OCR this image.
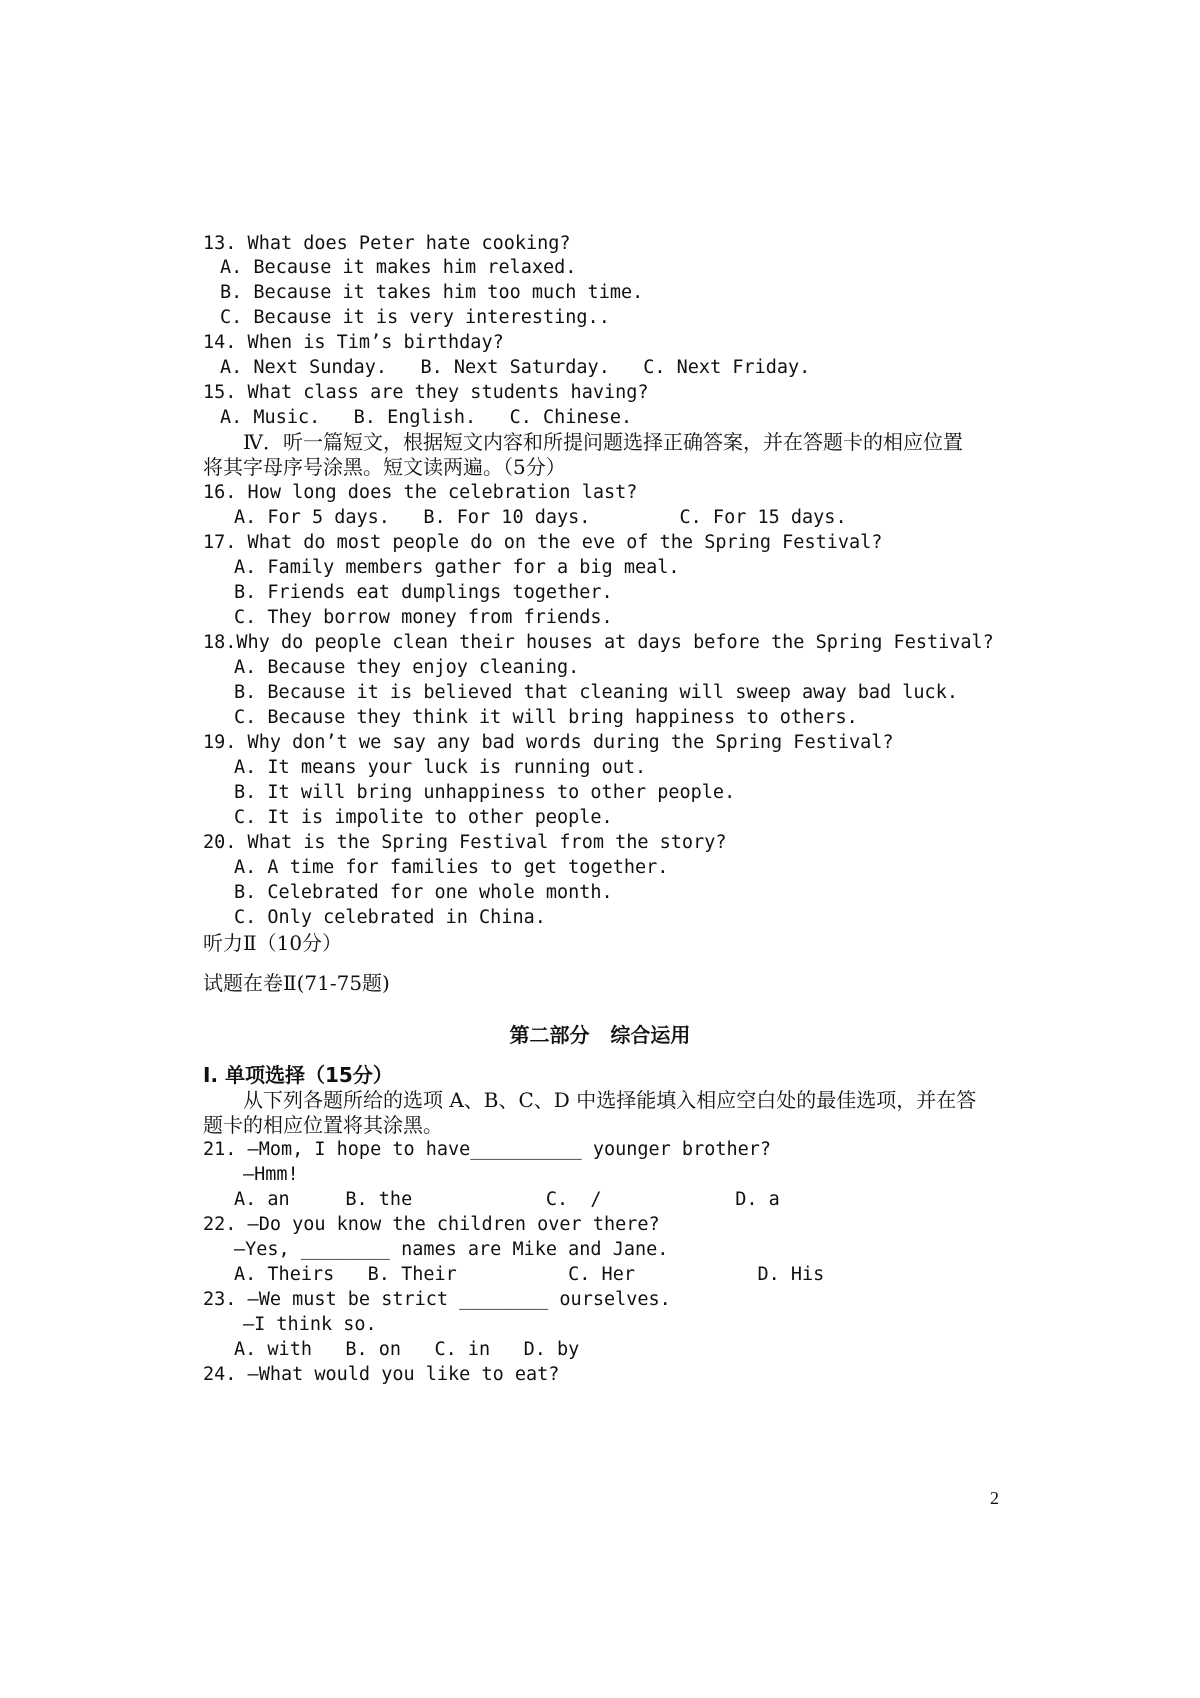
13. What does Peter hate cooking?
A. Because it makes him relaxed.
B. Because it takes him too much time.
C. Because it is very interesting..
14. When is Tim’s birthday?
A. Next Sunday.   B. Next Saturday.   C. Next Friday.
15. What class are they students having?
A. Music.   B. English.   C. Chinese.
Ⅳ．听一篇短文，根据短文内容和所提问题选择正确答案，并在答题卡的相应位置
将其字母序号涂黑。短文读两遍。（5分）
16. How long does the celebration last?
A. For 5 days.   B. For 10 days.        C. For 15 days.
17. What do most people do on the eve of the Spring Festival?
A. Family members gather for a big meal.
B. Friends eat dumplings together.
C. They borrow money from friends.
18.Why do people clean their houses at days before the Spring Festival?
A. Because they enjoy cleaning.
B. Because it is believed that cleaning will sweep away bad luck.
C. Because they think it will bring happiness to others.
19. Why don’t we say any bad words during the Spring Festival?
A. It means your luck is running out.
B. It will bring unhappiness to other people.
C. It is impolite to other people.
20. What is the Spring Festival from the story?
A. A time for families to get together.
B. Celebrated for one whole month.
C. Only celebrated in China.
听力Ⅱ（10分）
试题在卷Ⅱ(71-75题)
第二部分   综合运用
Ⅰ. 单项选择（15分）
从下列各题所给的选项 A、B、C、D 中选择能填入相应空白处的最佳选项，并在答
题卡的相应位置将其涂黑。
21. —Mom, I hope to have__________ younger brother?
—Hmm!
A. an     B. the            C.  /            D. a
22. —Do you know the children over there?
—Yes, ________ names are Mike and Jane.
A. Theirs   B. Their          C. Her           D. His
23. —We must be strict ________ ourselves.
—I think so.
A. with   B. on   C. in   D. by
24. —What would you like to eat?
2
